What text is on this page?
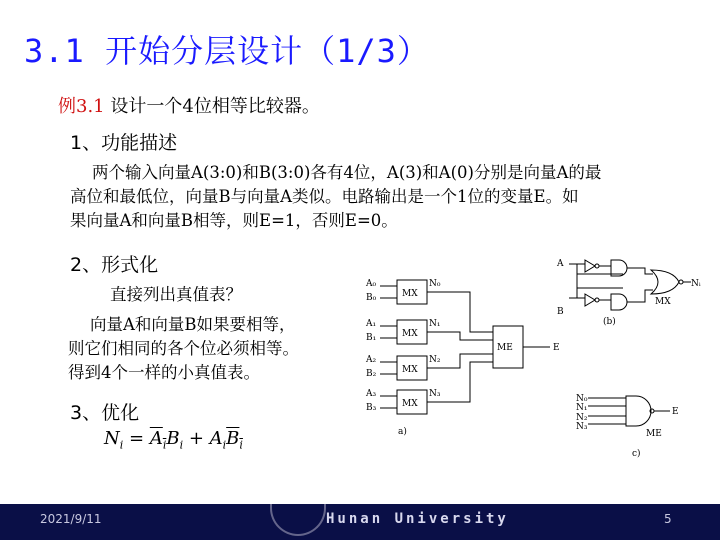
3.1 开始分层设计（1/3）
例3.1 设计一个4位相等比较器。
1、功能描述
两个输入向量A(3:0)和B(3:0)各有4位，A(3)和A(0)分别是向量A的最
高位和最低位，向量B与向量A类似。电路输出是一个1位的变量E。如
果向量A和向量B相等，则E=1，否则E=0。
2、形式化
直接列出真值表？
向量A和向量B如果要相等，
则它们相同的各个位必须相等。
得到4个一样的小真值表。
3、优化
$N_i = A_iB_i + A_iB_i$
MX
MX
MX
MX
ME	E
A₀
B₀
A₁
B₁
A₂
B₂
A₃
B₃
N₀
N₁
N₂
N₃
a)
A
B
MX
Nᵢ
(b)
N₀
N₁
N₂
N₃
E
ME
c)
2021/9/11	Hunan University	5
